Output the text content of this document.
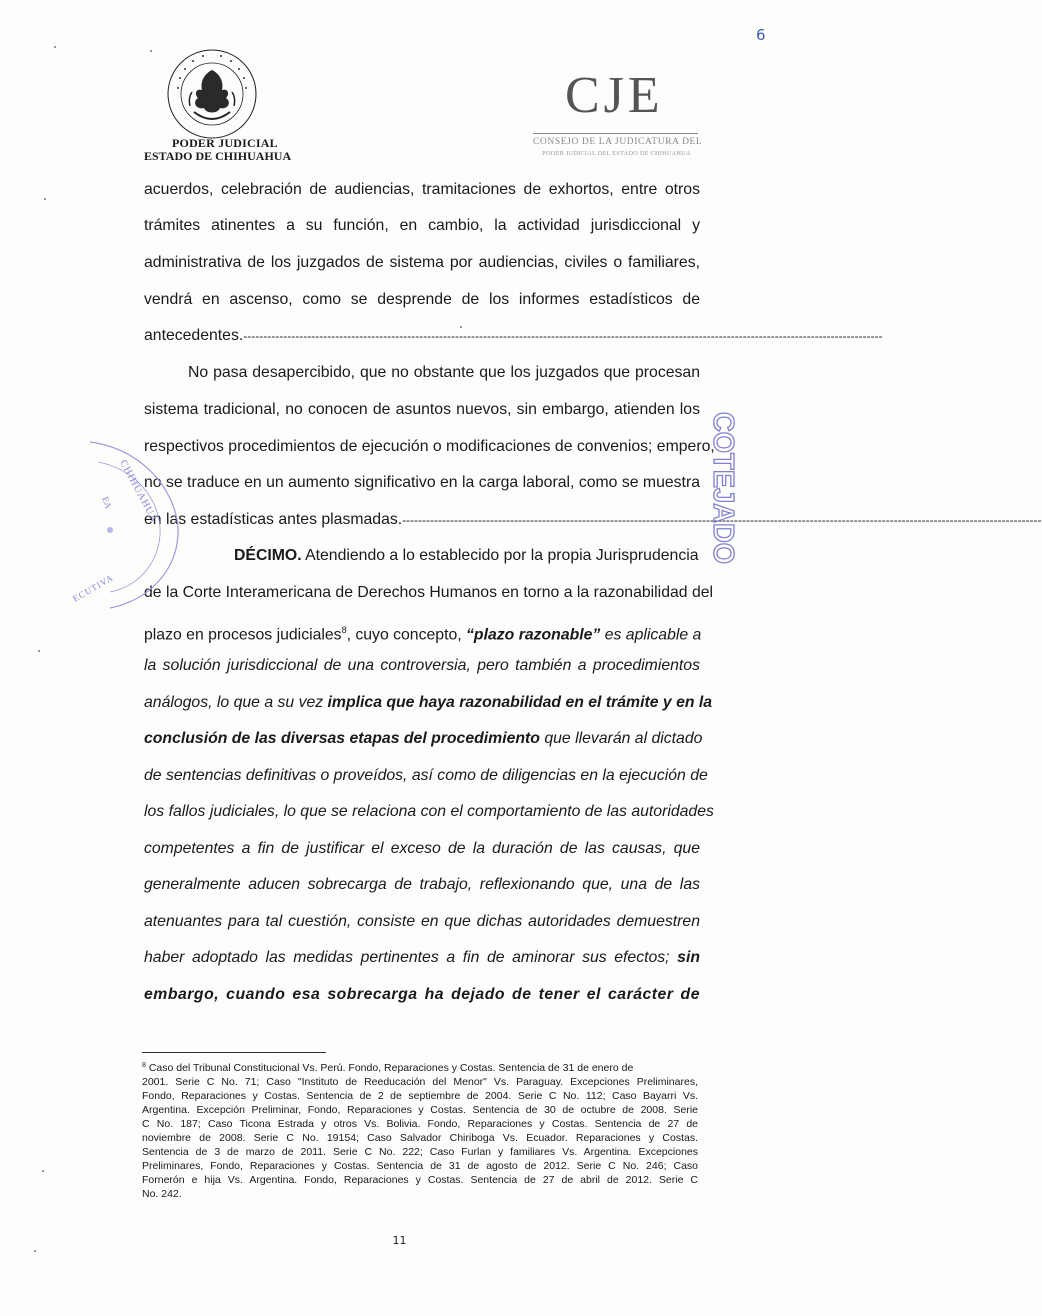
6
PODER JUDICIAL
ESTADO DE CHIHUAHUA
CJE
CONSEJO DE LA JUDICATURA DEL
PODER JUDICIAL DEL ESTADO DE CHIHUAHUA
acuerdos, celebración de audiencias, tramitaciones de exhortos, entre otros
trámites atinentes a su función, en cambio, la actividad jurisdiccional y
administrativa de los juzgados de sistema por audiencias, civiles o familiares,
vendrá en ascenso, como se desprende de los informes estadísticos de
antecedentes.----------------------------------------------------------------------------------------------------------------------------------------------------------------
No pasa desapercibido, que no obstante que los juzgados que procesan
sistema tradicional, no conocen de asuntos nuevos, sin embargo, atienden los
respectivos procedimientos de ejecución o modificaciones de convenios; empero,
no se traduce en un aumento significativo en la carga laboral, como se muestra
en las estadísticas antes plasmadas.----------------------------------------------------------------------------------------------------------------------------------------------------------------
DÉCIMO. Atendiendo a lo establecido por la propia Jurisprudencia
de la Corte Interamericana de Derechos Humanos en torno a la razonabilidad del
plazo en procesos judiciales$^8$, cuyo concepto, “plazo razonable” es aplicable a
la solución jurisdiccional de una controversia, pero también a procedimientos
análogos, lo que a su vez implica que haya razonabilidad en el trámite y en la
conclusión de las diversas etapas del procedimiento que llevarán al dictado
de sentencias definitivas o proveídos, así como de diligencias en la ejecución de
los fallos judiciales, lo que se relaciona con el comportamiento de las autoridades
competentes a fin de justificar el exceso de la duración de las causas, que
generalmente aducen sobrecarga de trabajo, reflexionando que, una de las
atenuantes para tal cuestión, consiste en que dichas autoridades demuestren
haber adoptado las medidas pertinentes a fin de aminorar sus efectos; sin
embargo, cuando esa sobrecarga ha dejado de tener el carácter de
COTEJADO
CHIHUAHUA
EA
ECUTIVA
$^8$ Caso del Tribunal Constitucional Vs. Perú. Fondo, Reparaciones y Costas. Sentencia de 31 de enero de
2001. Serie C No. 71; Caso "Instituto de Reeducación del Menor" Vs. Paraguay. Excepciones Preliminares,
Fondo, Reparaciones y Costas. Sentencia de 2 de septiembre de 2004. Serie C No. 112; Caso Bayarri Vs.
Argentina. Excepción Preliminar, Fondo, Reparaciones y Costas. Sentencia de 30 de octubre de 2008. Serie
C No. 187; Caso Ticona Estrada y otros Vs. Bolivia. Fondo, Reparaciones y Costas. Sentencia de 27 de
noviembre de 2008. Serie C No. 19154; Caso Salvador Chiriboga Vs. Ecuador. Reparaciones y Costas.
Sentencia de 3 de marzo de 2011. Serie C No. 222; Caso Furlan y familiares Vs. Argentina. Excepciones
Preliminares, Fondo, Reparaciones y Costas. Sentencia de 31 de agosto de 2012. Serie C No. 246; Caso
Fornerón e hija Vs. Argentina. Fondo, Reparaciones y Costas. Sentencia de 27 de abril de 2012. Serie C
No. 242.
11
